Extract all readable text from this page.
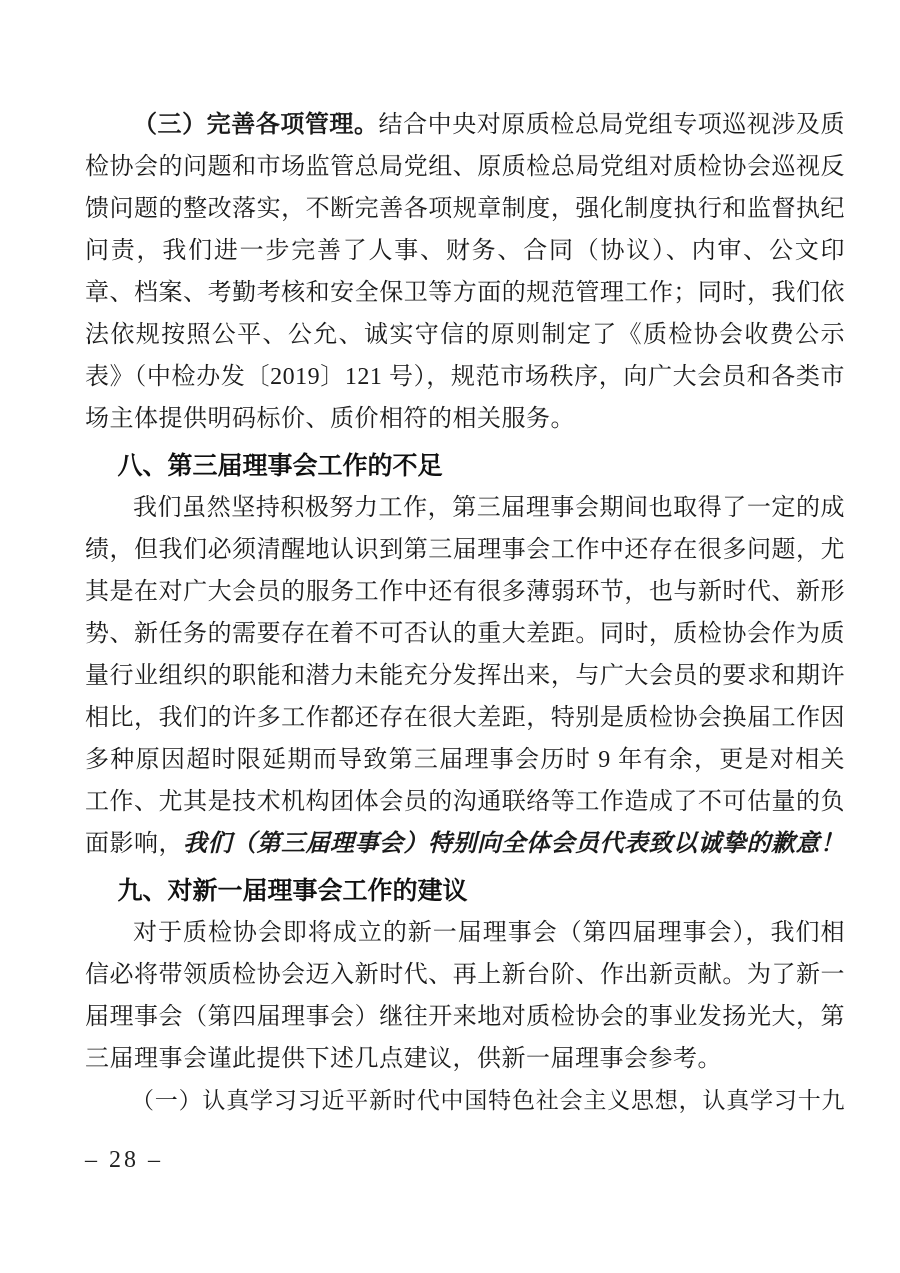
（三）完善各项管理。结合中央对原质检总局党组专项巡视涉及质检协会的问题和市场监管总局党组、原质检总局党组对质检协会巡视反馈问题的整改落实，不断完善各项规章制度，强化制度执行和监督执纪问责，我们进一步完善了人事、财务、合同（协议）、内审、公文印章、档案、考勤考核和安全保卫等方面的规范管理工作；同时，我们依法依规按照公平、公允、诚实守信的原则制定了《质检协会收费公示表》（中检办发〔2019〕121 号），规范市场秩序，向广大会员和各类市场主体提供明码标价、质价相符的相关服务。

八、第三届理事会工作的不足

我们虽然坚持积极努力工作，第三届理事会期间也取得了一定的成绩，但我们必须清醒地认识到第三届理事会工作中还存在很多问题，尤其是在对广大会员的服务工作中还有很多薄弱环节，也与新时代、新形势、新任务的需要存在着不可否认的重大差距。同时，质检协会作为质量行业组织的职能和潜力未能充分发挥出来，与广大会员的要求和期许相比，我们的许多工作都还存在很大差距，特别是质检协会换届工作因多种原因超时限延期而导致第三届理事会历时 9 年有余，更是对相关工作、尤其是技术机构团体会员的沟通联络等工作造成了不可估量的负面影响，我们（第三届理事会）特别向全体会员代表致以诚挚的歉意！

九、对新一届理事会工作的建议

对于质检协会即将成立的新一届理事会（第四届理事会），我们相信必将带领质检协会迈入新时代、再上新台阶、作出新贡献。为了新一届理事会（第四届理事会）继往开来地对质检协会的事业发扬光大，第三届理事会谨此提供下述几点建议，供新一届理事会参考。

（一）认真学习习近平新时代中国特色社会主义思想，认真学习十九

– 28 –
